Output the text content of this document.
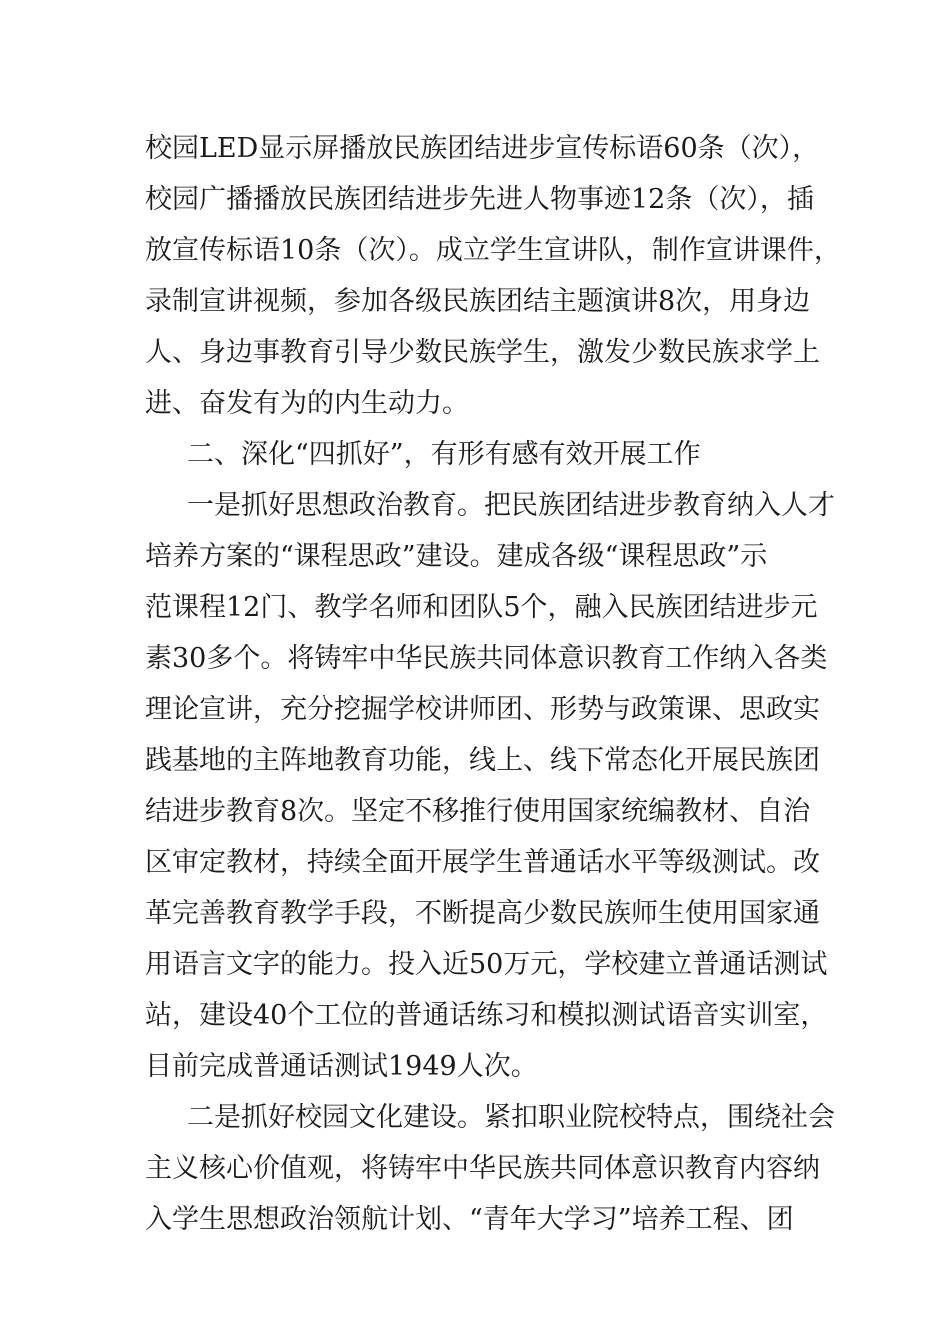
校园LED显示屏播放民族团结进步宣传标语60条（次），
校园广播播放民族团结进步先进人物事迹12条（次），插
放宣传标语10条（次）。成立学生宣讲队，制作宣讲课件，
录制宣讲视频，参加各级民族团结主题演讲8次，用身边
人、身边事教育引导少数民族学生，激发少数民族求学上
进、奋发有为的内生动力。
二、深化“四抓好”，有形有感有效开展工作
一是抓好思想政治教育。把民族团结进步教育纳入人才
培养方案的“课程思政”建设。建成各级“课程思政”示
范课程12门、教学名师和团队5个，融入民族团结进步元
素30多个。将铸牢中华民族共同体意识教育工作纳入各类
理论宣讲，充分挖掘学校讲师团、形势与政策课、思政实
践基地的主阵地教育功能，线上、线下常态化开展民族团
结进步教育8次。坚定不移推行使用国家统编教材、自治
区审定教材，持续全面开展学生普通话水平等级测试。改
革完善教育教学手段，不断提高少数民族师生使用国家通
用语言文字的能力。投入近50万元，学校建立普通话测试
站，建设40个工位的普通话练习和模拟测试语音实训室，
目前完成普通话测试1949人次。
二是抓好校园文化建设。紧扣职业院校特点，围绕社会
主义核心价值观，将铸牢中华民族共同体意识教育内容纳
入学生思想政治领航计划、“青年大学习”培养工程、团
